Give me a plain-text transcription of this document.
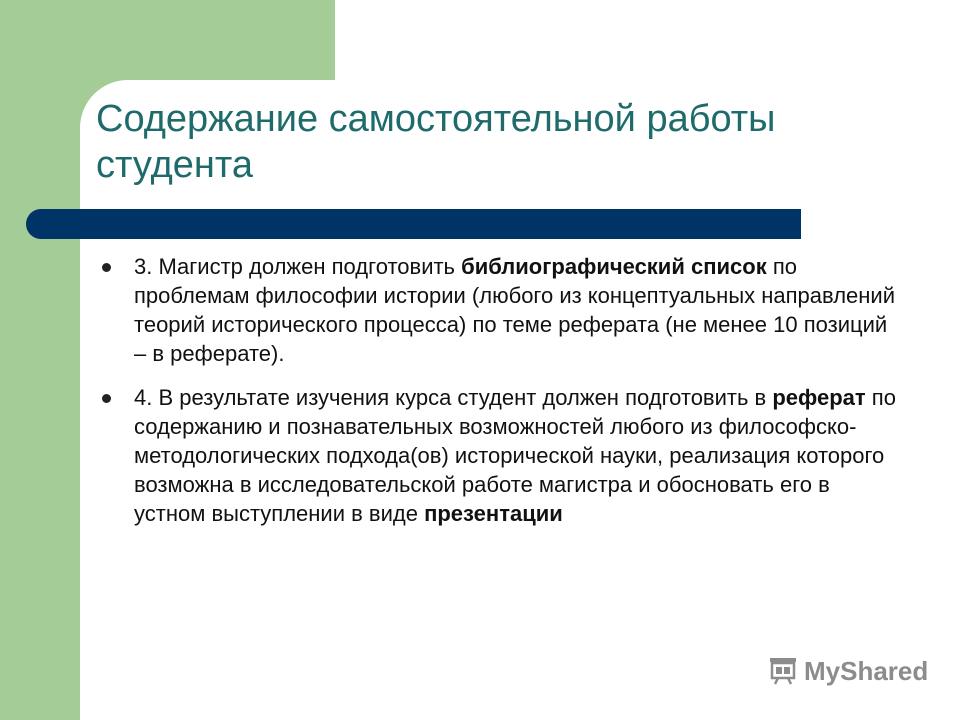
Содержание самостоятельной работы студента
3. Магистр должен подготовить библиографический список по проблемам философии истории (любого из концептуальных направлений теорий исторического процесса) по теме реферата (не менее 10 позиций – в реферате).
4. В результате изучения курса студент должен подготовить в реферат по содержанию и познавательных возможностей любого из философско-методологических подхода(ов) исторической науки, реализация которого возможна в исследовательской работе магистра и обосновать его в устном выступлении в виде презентации
MyShared
